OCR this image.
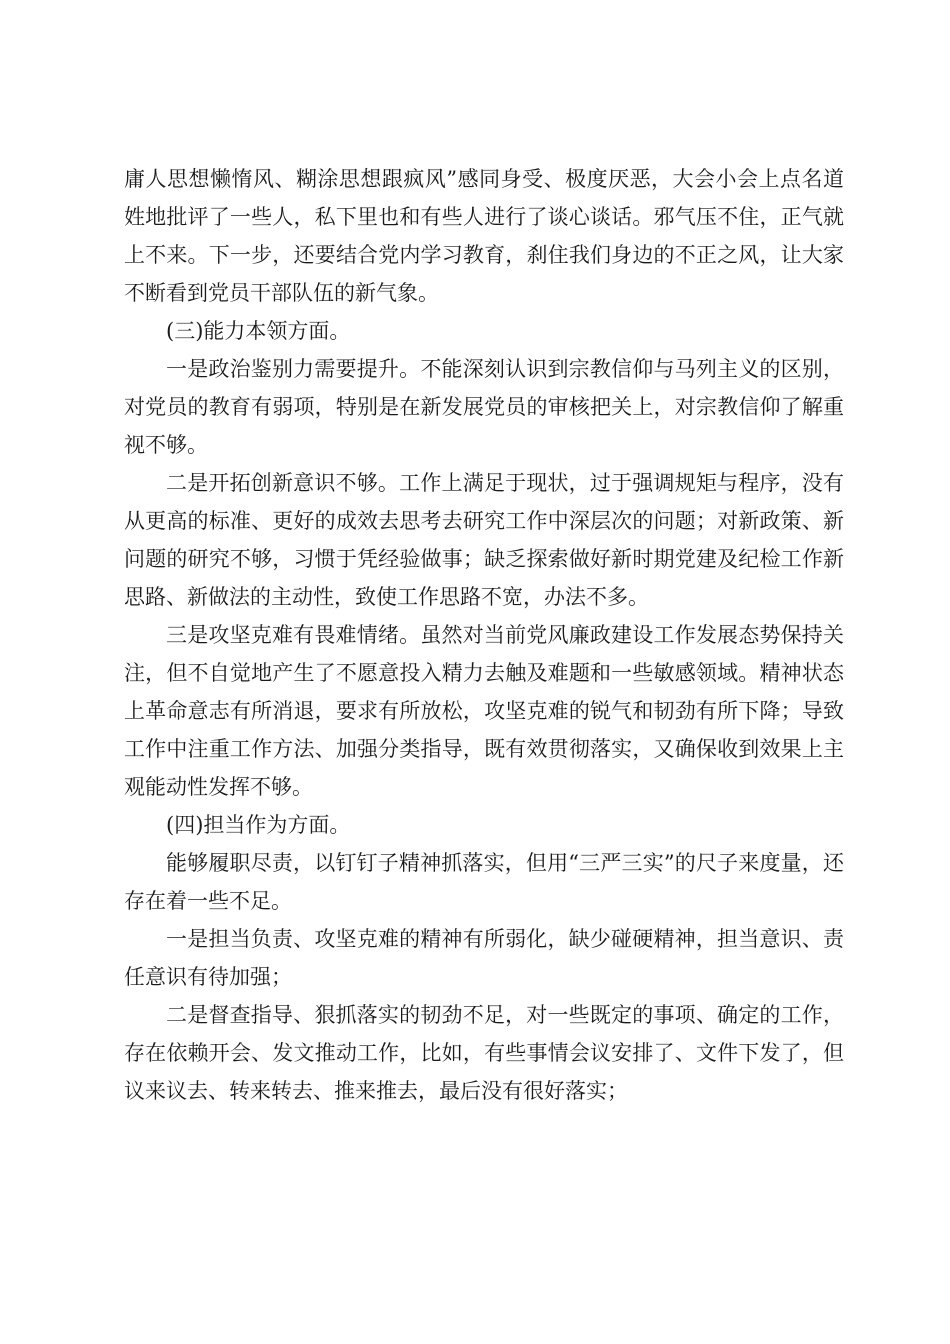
庸人思想懒惰风、糊涂思想跟疯风”感同身受、极度厌恶，大会小会上点名道姓地批评了一些人，私下里也和有些人进行了谈心谈话。邪气压不住，正气就上不来。下一步，还要结合党内学习教育，刹住我们身边的不正之风，让大家不断看到党员干部队伍的新气象。

(三)能力本领方面。

一是政治鉴别力需要提升。不能深刻认识到宗教信仰与马列主义的区别，对党员的教育有弱项，特别是在新发展党员的审核把关上，对宗教信仰了解重视不够。

二是开拓创新意识不够。工作上满足于现状，过于强调规矩与程序，没有从更高的标准、更好的成效去思考去研究工作中深层次的问题；对新政策、新问题的研究不够，习惯于凭经验做事；缺乏探索做好新时期党建及纪检工作新思路、新做法的主动性，致使工作思路不宽，办法不多。

三是攻坚克难有畏难情绪。虽然对当前党风廉政建设工作发展态势保持关注，但不自觉地产生了不愿意投入精力去触及难题和一些敏感领域。精神状态上革命意志有所消退，要求有所放松，攻坚克难的锐气和韧劲有所下降；导致工作中注重工作方法、加强分类指导，既有效贯彻落实，又确保收到效果上主观能动性发挥不够。

(四)担当作为方面。

能够履职尽责，以钉钉子精神抓落实，但用“三严三实”的尺子来度量，还存在着一些不足。

一是担当负责、攻坚克难的精神有所弱化，缺少碰硬精神，担当意识、责任意识有待加强；

二是督查指导、狠抓落实的韧劲不足，对一些既定的事项、确定的工作，存在依赖开会、发文推动工作，比如，有些事情会议安排了、文件下发了，但议来议去、转来转去、推来推去，最后没有很好落实；
